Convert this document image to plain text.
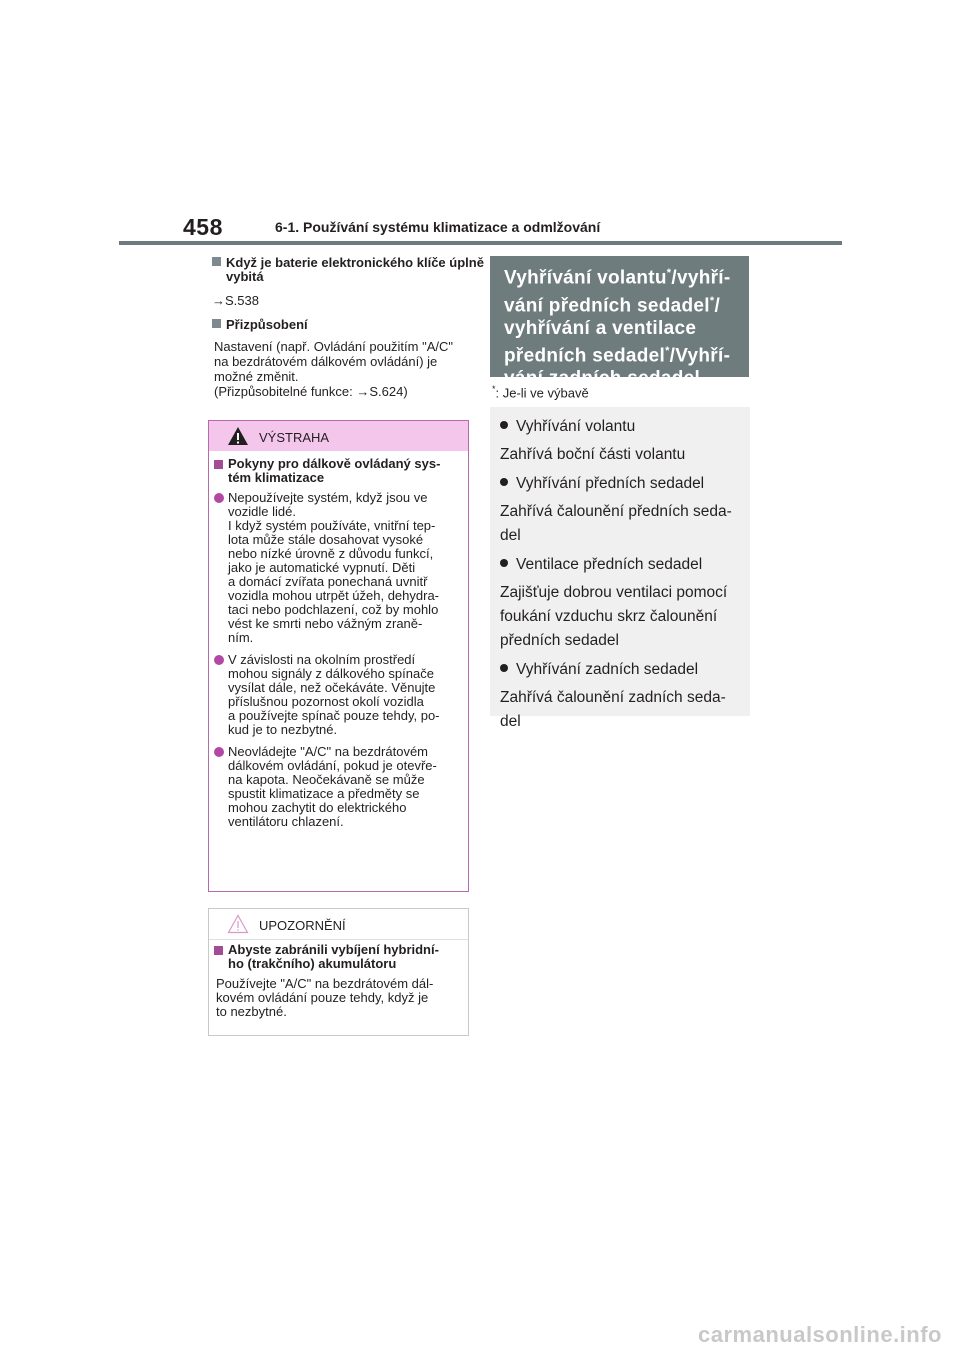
458	6-1. Používání systému klimatizace a odmlžování
Když je baterie elektronického klíče úplně vybitá
→S.538
Přizpůsobení
Nastavení (např. Ovládání použitím "A/C"
na bezdrátovém dálkovém ovládání) je
možné změnit.
(Přizpůsobitelné funkce: →S.624)
VÝSTRAHA
Pokyny pro dálkově ovládaný sys-
tém klimatizace
Nepoužívejte systém, když jsou ve
vozidle lidé.
I když systém používáte, vnitřní tep-
lota může stále dosahovat vysoké
nebo nízké úrovně z důvodu funkcí,
jako je automatické vypnutí. Děti
a domácí zvířata ponechaná uvnitř
vozidla mohou utrpět úžeh, dehydra-
taci nebo podchlazení, což by mohlo
vést ke smrti nebo vážným zraně-
ním.
V závislosti na okolním prostředí
mohou signály z dálkového spínače
vysílat dále, než očekáváte. Věnujte
příslušnou pozornost okolí vozidla
a používejte spínač pouze tehdy, po-
kud je to nezbytné.
Neovládejte "A/C" na bezdrátovém
dálkovém ovládání, pokud je otevře-
na kapota. Neočekávaně se může
spustit klimatizace a předměty se
mohou zachytit do elektrického
ventilátoru chlazení.
UPOZORNĚNÍ
Abyste zabránili vybíjení hybridní-
ho (trakčního) akumulátoru
Používejte "A/C" na bezdrátovém dál-
kovém ovládání pouze tehdy, když je
to nezbytné.
Vyhřívání volantu*/vyhří-
vání předních sedadel*/
vyhřívání a ventilace
předních sedadel*/Vyhří-
vání zadních sedadel
*: Je-li ve výbavě
Vyhřívání volantu
Zahřívá boční části volantu
Vyhřívání předních sedadel
Zahřívá čalounění předních seda-
del
Ventilace předních sedadel
Zajišťuje dobrou ventilaci pomocí
foukání vzduchu skrz čalounění
předních sedadel
Vyhřívání zadních sedadel
Zahřívá čalounění zadních seda-
del
carmanualsonline.info
